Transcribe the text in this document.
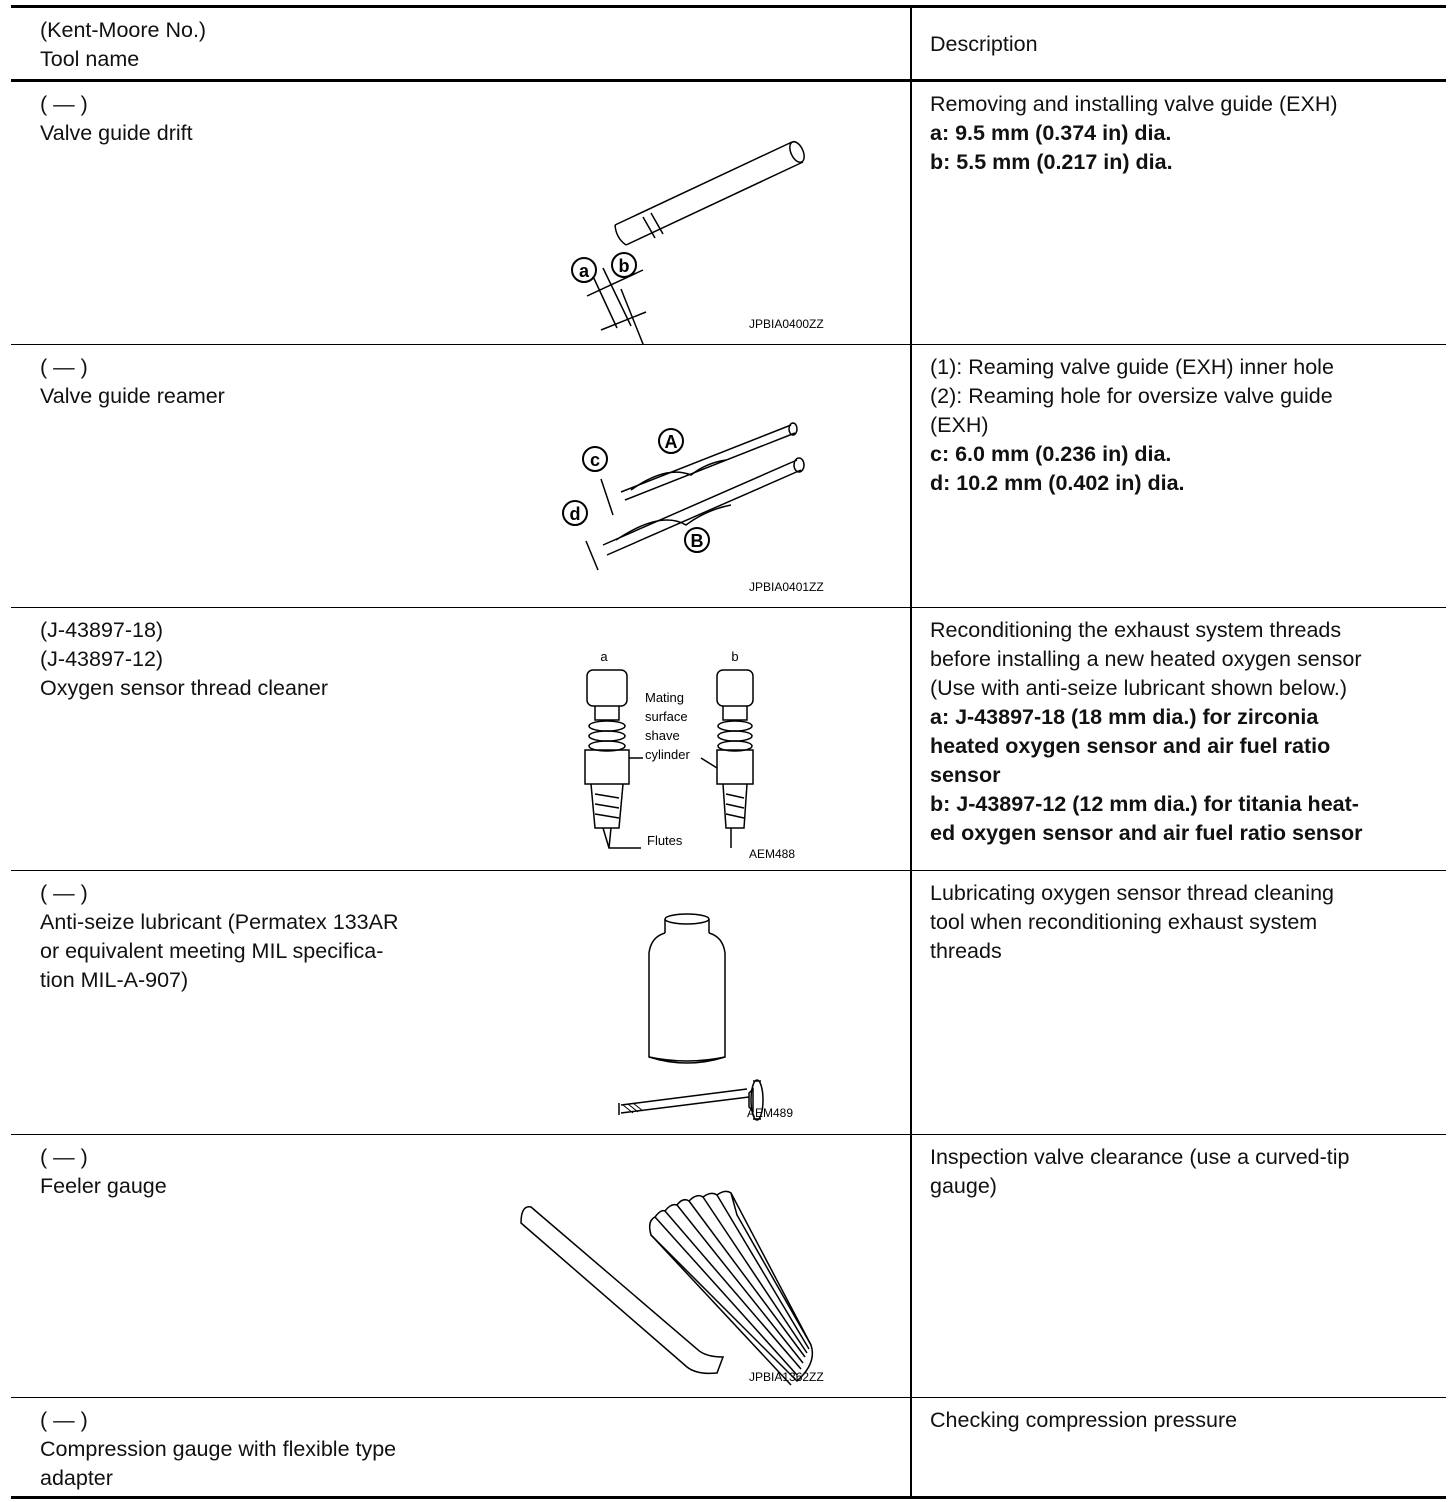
(Kent-Moore No.)
Tool name
Description
( — )
Valve guide drift
a b
JPBIA0400ZZ
Removing and installing valve guide (EXH)
a: 9.5 mm (0.374 in) dia.
b: 5.5 mm (0.217 in) dia.
( — )
Valve guide reamer
A
B
c
d
JPBIA0401ZZ
(1): Reaming valve guide (EXH) inner hole
(2): Reaming hole for oversize valve guide
(EXH)
c: 6.0 mm (0.236 in) dia.
d: 10.2 mm (0.402 in) dia.
(J-43897-18)
(J-43897-12)
Oxygen sensor thread cleaner
a	b
Mating
surface
shave
cylinder
Flutes
AEM488
Reconditioning the exhaust system threads
before installing a new heated oxygen sensor
(Use with anti-seize lubricant shown below.)
a: J-43897-18 (18 mm dia.) for zirconia
heated oxygen sensor and air fuel ratio
sensor
b: J-43897-12 (12 mm dia.) for titania heat-
ed oxygen sensor and air fuel ratio sensor
( — )
Anti-seize lubricant (Permatex 133AR
or equivalent meeting MIL specifica-
tion MIL-A-907)
AEM489
Lubricating oxygen sensor thread cleaning
tool when reconditioning exhaust system
threads
( — )
Feeler gauge
JPBIA1362ZZ
Inspection valve clearance (use a curved-tip
gauge)
( — )
Compression gauge with flexible type
adapter
Checking compression pressure
